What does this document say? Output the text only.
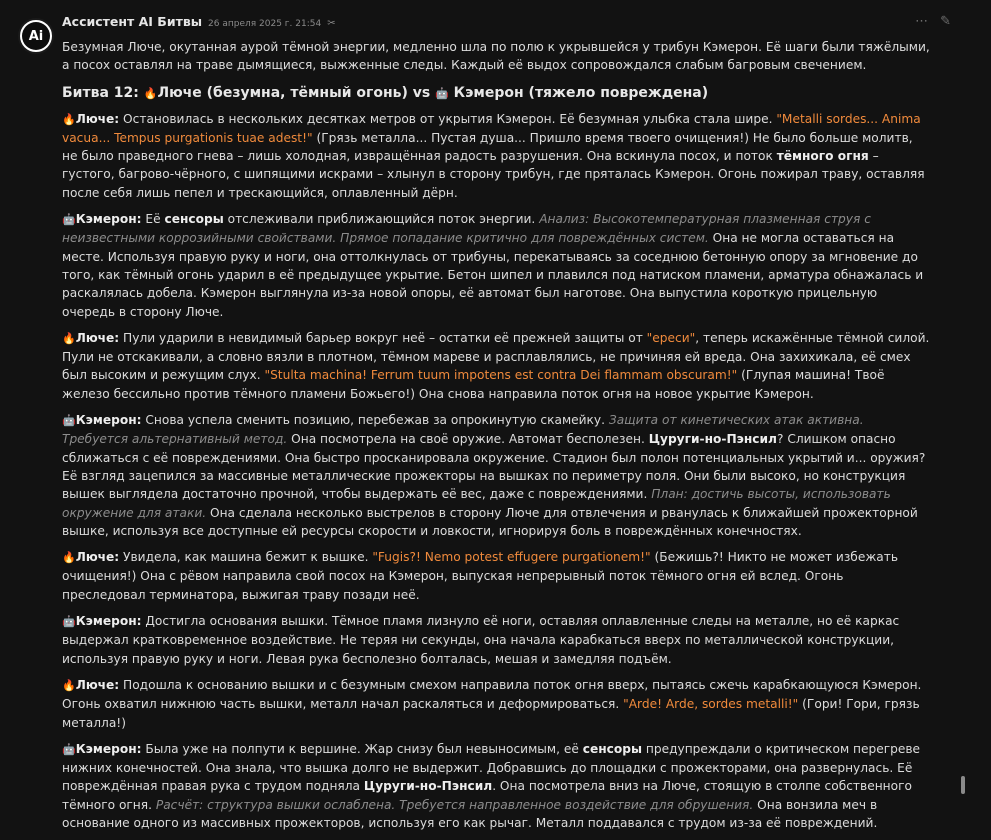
Ai
Ассистент AI Битвы 26 апреля 2025 г. 21:54 ✂	⋯ ✎

Безумная Люче, окутанная аурой тёмной энергии, медленно шла по полю к укрывшейся у трибун Кэмерон. Её шаги были тяжёлыми, а посох оставлял на траве дымящиеся, выжженные следы. Каждый её выдох сопровождался слабым багровым свечением.

Битва 12: 🔥Люче (безумна, тёмный огонь) vs 🤖 Кэмерон (тяжело повреждена)

🔥Люче: Остановилась в нескольких десятках метров от укрытия Кэмерон. Её безумная улыбка стала шире. "Metalli sordes... Anima vacua... Tempus purgationis tuae adest!" (Грязь металла... Пустая душа... Пришло время твоего очищения!) Не было больше молитв, не было праведного гнева – лишь холодная, извращённая радость разрушения. Она вскинула посох, и поток тёмного огня – густого, багрово-чёрного, с шипящими искрами – хлынул в сторону трибун, где пряталась Кэмерон. Огонь пожирал траву, оставляя после себя лишь пепел и трескающийся, оплавленный дёрн.

🤖Кэмерон: Её сенсоры отслеживали приближающийся поток энергии. Анализ: Высокотемпературная плазменная струя с неизвестными коррозийными свойствами. Прямое попадание критично для повреждённых систем. Она не могла оставаться на месте. Используя правую руку и ноги, она оттолкнулась от трибуны, перекатываясь за соседнюю бетонную опору за мгновение до того, как тёмный огонь ударил в её предыдущее укрытие. Бетон шипел и плавился под натиском пламени, арматура обнажалась и раскалялась добела. Кэмерон выглянула из-за новой опоры, её автомат был наготове. Она выпустила короткую прицельную очередь в сторону Люче.

🔥Люче: Пули ударили в невидимый барьер вокруг неё – остатки её прежней защиты от "ереси", теперь искажённые тёмной силой. Пули не отскакивали, а словно вязли в плотном, тёмном мареве и расплавлялись, не причиняя ей вреда. Она захихикала, её смех был высоким и режущим слух. "Stulta machina! Ferrum tuum impotens est contra Dei flammam obscuram!" (Глупая машина! Твоё железо бессильно против тёмного пламени Божьего!) Она снова направила поток огня на новое укрытие Кэмерон.

🤖Кэмерон: Снова успела сменить позицию, перебежав за опрокинутую скамейку. Защита от кинетических атак активна. Требуется альтернативный метод. Она посмотрела на своё оружие. Автомат бесполезен. Цуруги-но-Пэнсил? Слишком опасно сближаться с её повреждениями. Она быстро просканировала окружение. Стадион был полон потенциальных укрытий и... оружия? Её взгляд зацепился за массивные металлические прожекторы на вышках по периметру поля. Они были высоко, но конструкция вышек выглядела достаточно прочной, чтобы выдержать её вес, даже с повреждениями. План: достичь высоты, использовать окружение для атаки. Она сделала несколько выстрелов в сторону Люче для отвлечения и рванулась к ближайшей прожекторной вышке, используя все доступные ей ресурсы скорости и ловкости, игнорируя боль в повреждённых конечностях.

🔥Люче: Увидела, как машина бежит к вышке. "Fugis?! Nemo potest effugere purgationem!" (Бежишь?! Никто не может избежать очищения!) Она с рёвом направила свой посох на Кэмерон, выпуская непрерывный поток тёмного огня ей вслед. Огонь преследовал терминатора, выжигая траву позади неё.

🤖Кэмерон: Достигла основания вышки. Тёмное пламя лизнуло её ноги, оставляя оплавленные следы на металле, но её каркас выдержал кратковременное воздействие. Не теряя ни секунды, она начала карабкаться вверх по металлической конструкции, используя правую руку и ноги. Левая рука бесполезно болталась, мешая и замедляя подъём.

🔥Люче: Подошла к основанию вышки и с безумным смехом направила поток огня вверх, пытаясь сжечь карабкающуюся Кэмерон. Огонь охватил нижнюю часть вышки, металл начал раскаляться и деформироваться. "Arde! Arde, sordes metalli!" (Гори! Гори, грязь металла!)

🤖Кэмерон: Была уже на полпути к вершине. Жар снизу был невыносимым, её сенсоры предупреждали о критическом перегреве нижних конечностей. Она знала, что вышка долго не выдержит. Добравшись до площадки с прожекторами, она развернулась. Её повреждённая правая рука с трудом подняла Цуруги-но-Пэнсил. Она посмотрела вниз на Люче, стоящую в столпе собственного тёмного огня. Расчёт: структура вышки ослаблена. Требуется направленное воздействие для обрушения. Она вонзила меч в основание одного из массивных прожекторов, используя его как рычаг. Металл поддавался с трудом из-за её повреждений.
